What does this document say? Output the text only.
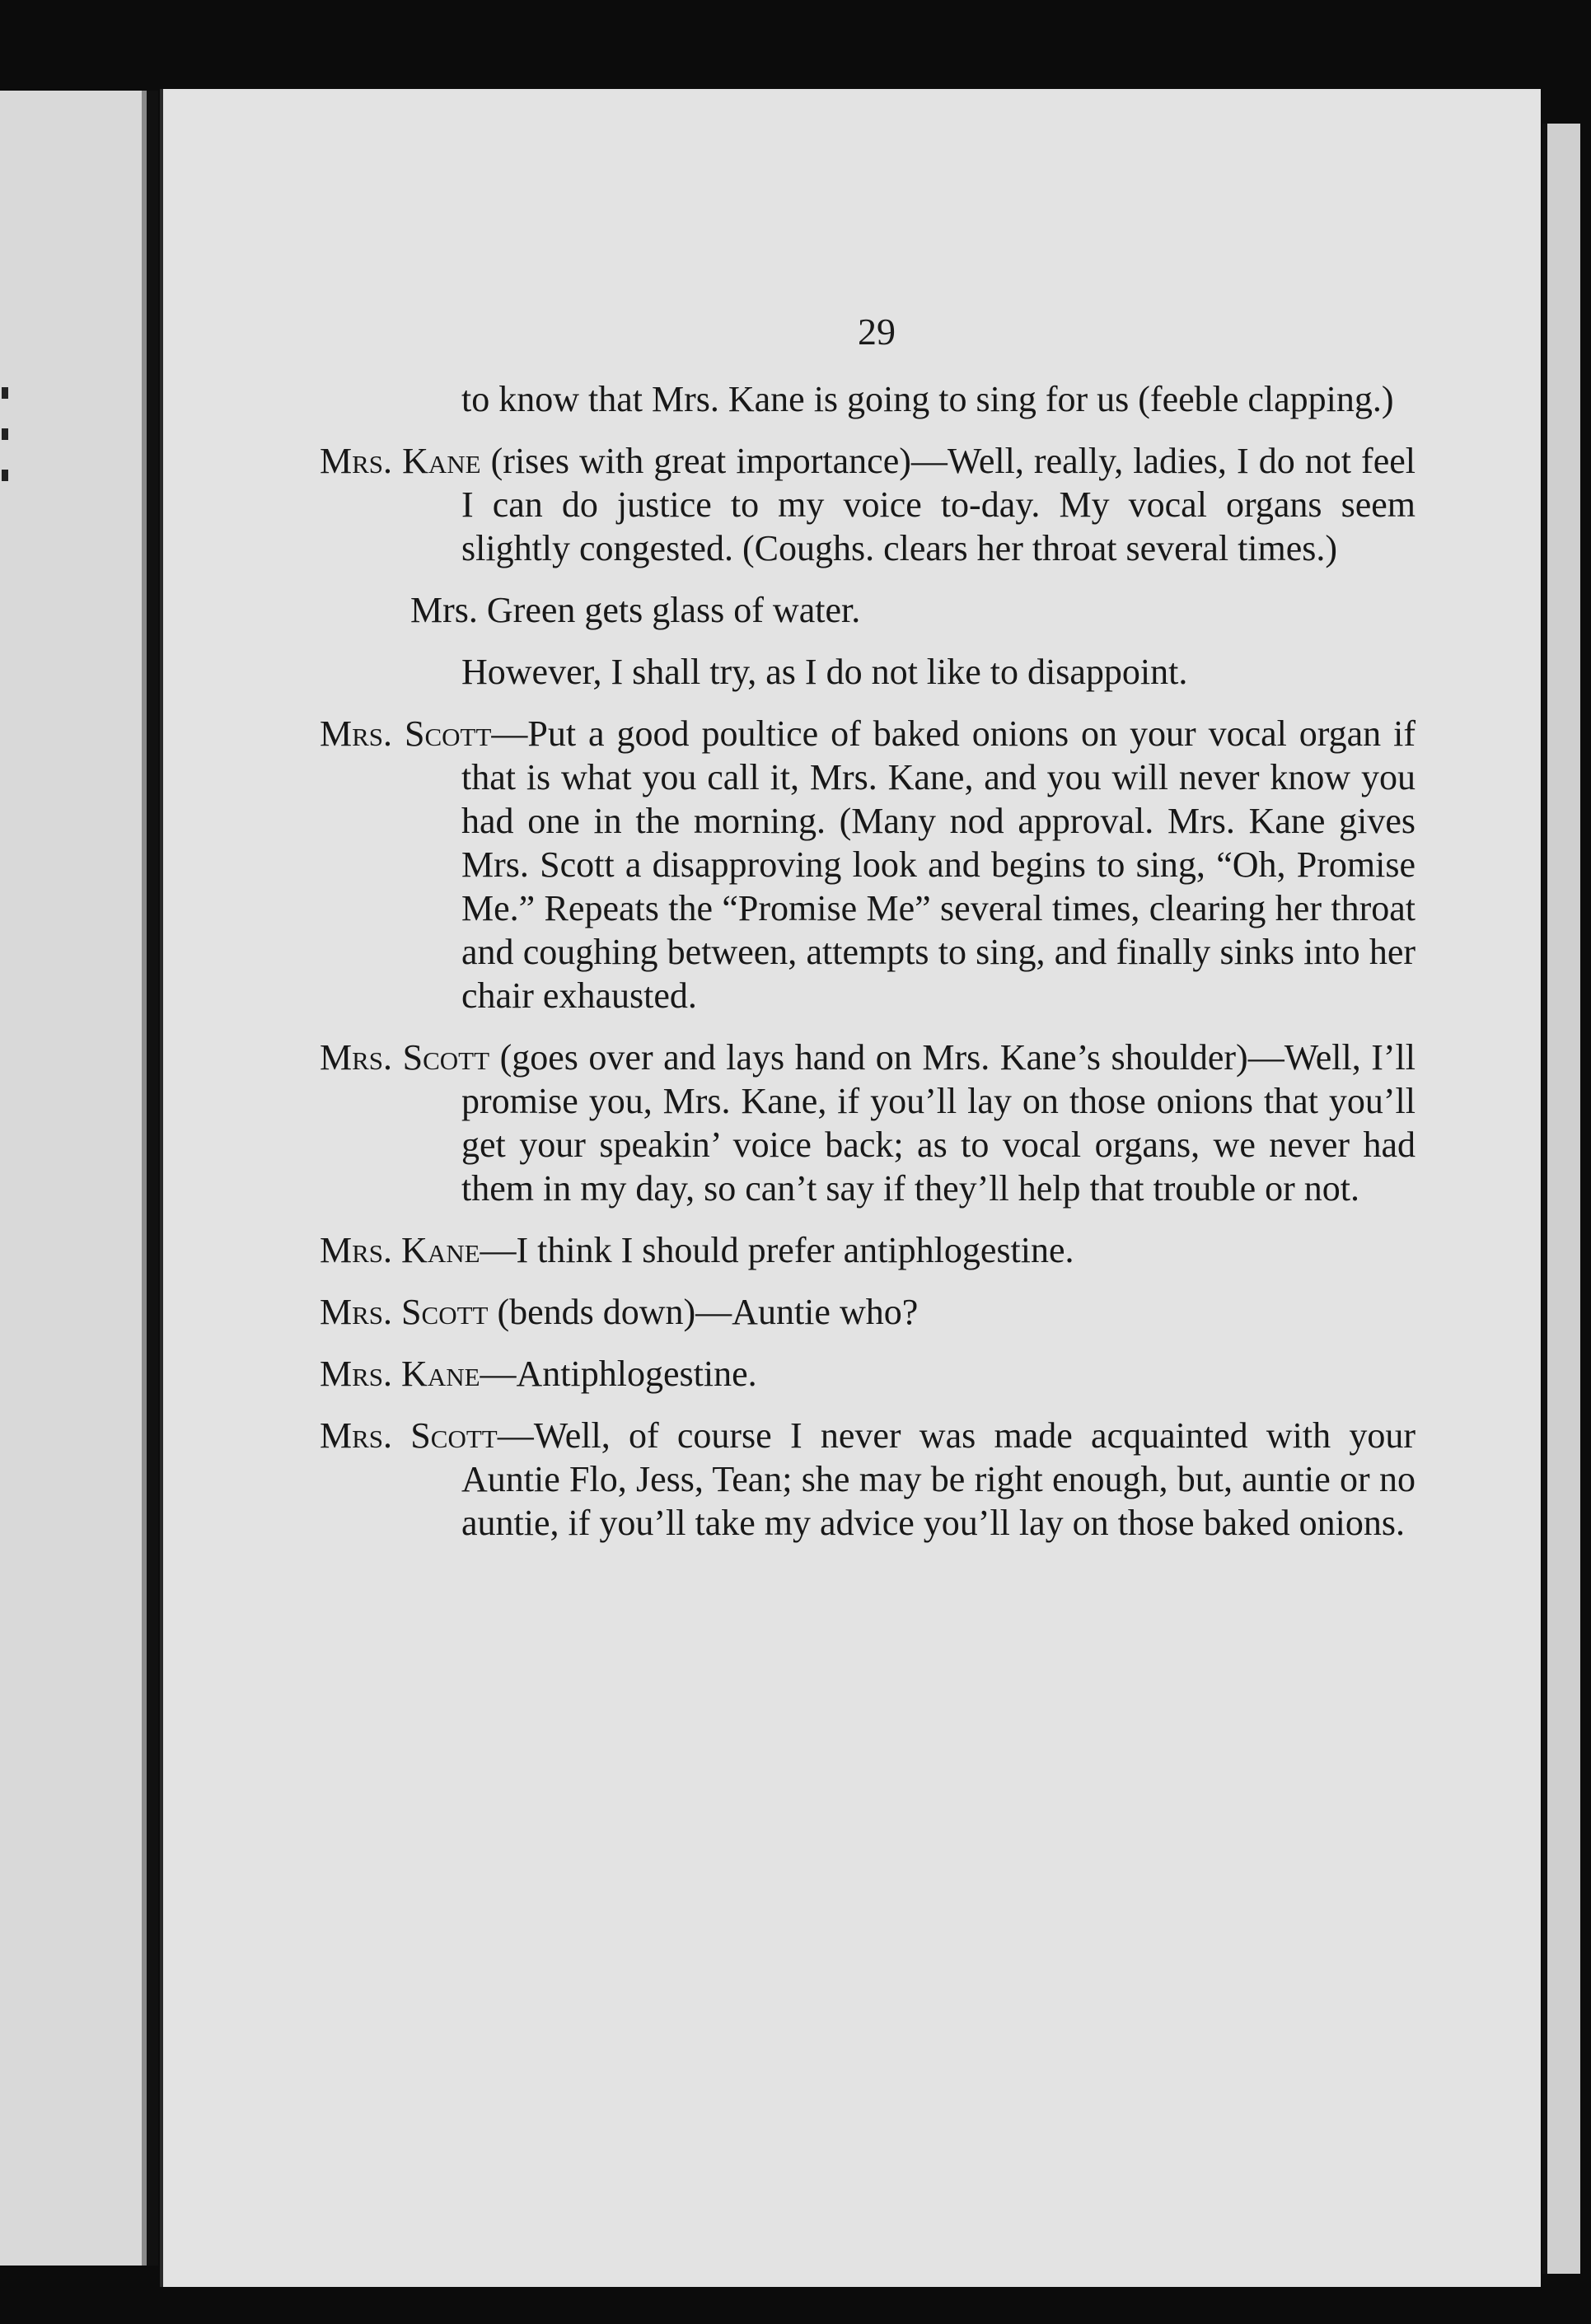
29

to know that Mrs. Kane is going to sing for us (feeble clapping.)

Mrs. Kane (rises with great importance)—Well, really, ladies, I do not feel I can do justice to my voice to-day. My vocal organs seem slightly congested. (Coughs. clears her throat several times.)

Mrs. Green gets glass of water.

However, I shall try, as I do not like to disappoint.

Mrs. Scott—Put a good poultice of baked onions on your vocal organ if that is what you call it, Mrs. Kane, and you will never know you had one in the morning. (Many nod approval. Mrs. Kane gives Mrs. Scott a disapproving look and begins to sing, “Oh, Promise Me.” Repeats the “Promise Me” several times, clearing her throat and coughing between, attempts to sing, and finally sinks into her chair exhausted.

Mrs. Scott (goes over and lays hand on Mrs. Kane’s shoulder)—Well, I’ll promise you, Mrs. Kane, if you’ll lay on those onions that you’ll get your speakin’ voice back; as to vocal organs, we never had them in my day, so can’t say if they’ll help that trouble or not.

Mrs. Kane—I think I should prefer antiphlogestine.

Mrs. Scott (bends down)—Auntie who?

Mrs. Kane—Antiphlogestine.

Mrs. Scott—Well, of course I never was made acquainted with your Auntie Flo, Jess, Tean; she may be right enough, but, auntie or no auntie, if you’ll take my advice you’ll lay on those baked onions.
